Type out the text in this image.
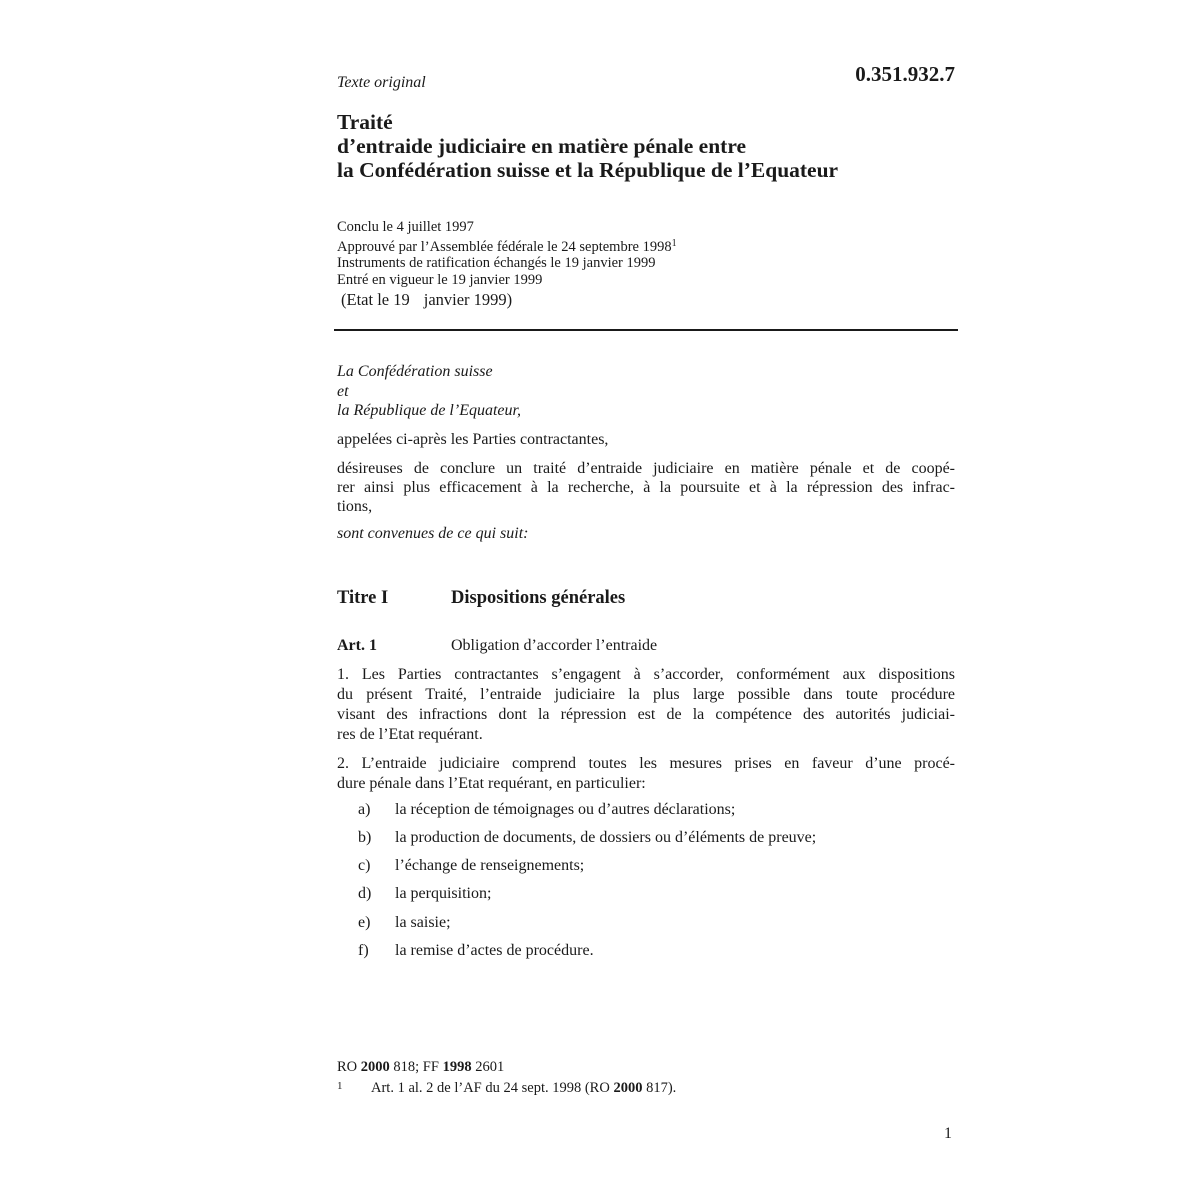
0.351.932.7
Texte original
Traité
d’entraide judiciaire en matière pénale entre
la Confédération suisse et la République de l’Equateur
Conclu le 4 juillet 1997
Approuvé par l’Assemblée fédérale le 24 septembre 1998$^1$
Instruments de ratification échangés le 19 janvier 1999
Entré en vigueur le 19 janvier 1999
(Etat le 19 janvier 1999)
La Confédération suisse
et
la République de l’Equateur,
appelées ci-après les Parties contractantes,
désireuses de conclure un traité d’entraide judiciaire en matière pénale et de coopé-
rer ainsi plus efficacement à la recherche, à la poursuite et à la répression des infrac-
tions,
sont convenues de ce qui suit:
Titre I	Dispositions générales
Art. 1	Obligation d’accorder l’entraide
1. Les Parties contractantes s’engagent à s’accorder, conformément aux dispositions
du présent Traité, l’entraide judiciaire la plus large possible dans toute procédure
visant des infractions dont la répression est de la compétence des autorités judiciai-
res de l’Etat requérant.
2. L’entraide judiciaire comprend toutes les mesures prises en faveur d’une procé-
dure pénale dans l’Etat requérant, en particulier:
a) la réception de témoignages ou d’autres déclarations;
b) la production de documents, de dossiers ou d’éléments de preuve;
c) l’échange de renseignements;
d) la perquisition;
e) la saisie;
f) la remise d’actes de procédure.
RO 2000 818; FF 1998 2601
1 Art. 1 al. 2 de l’AF du 24 sept. 1998 (RO 2000 817).
1
